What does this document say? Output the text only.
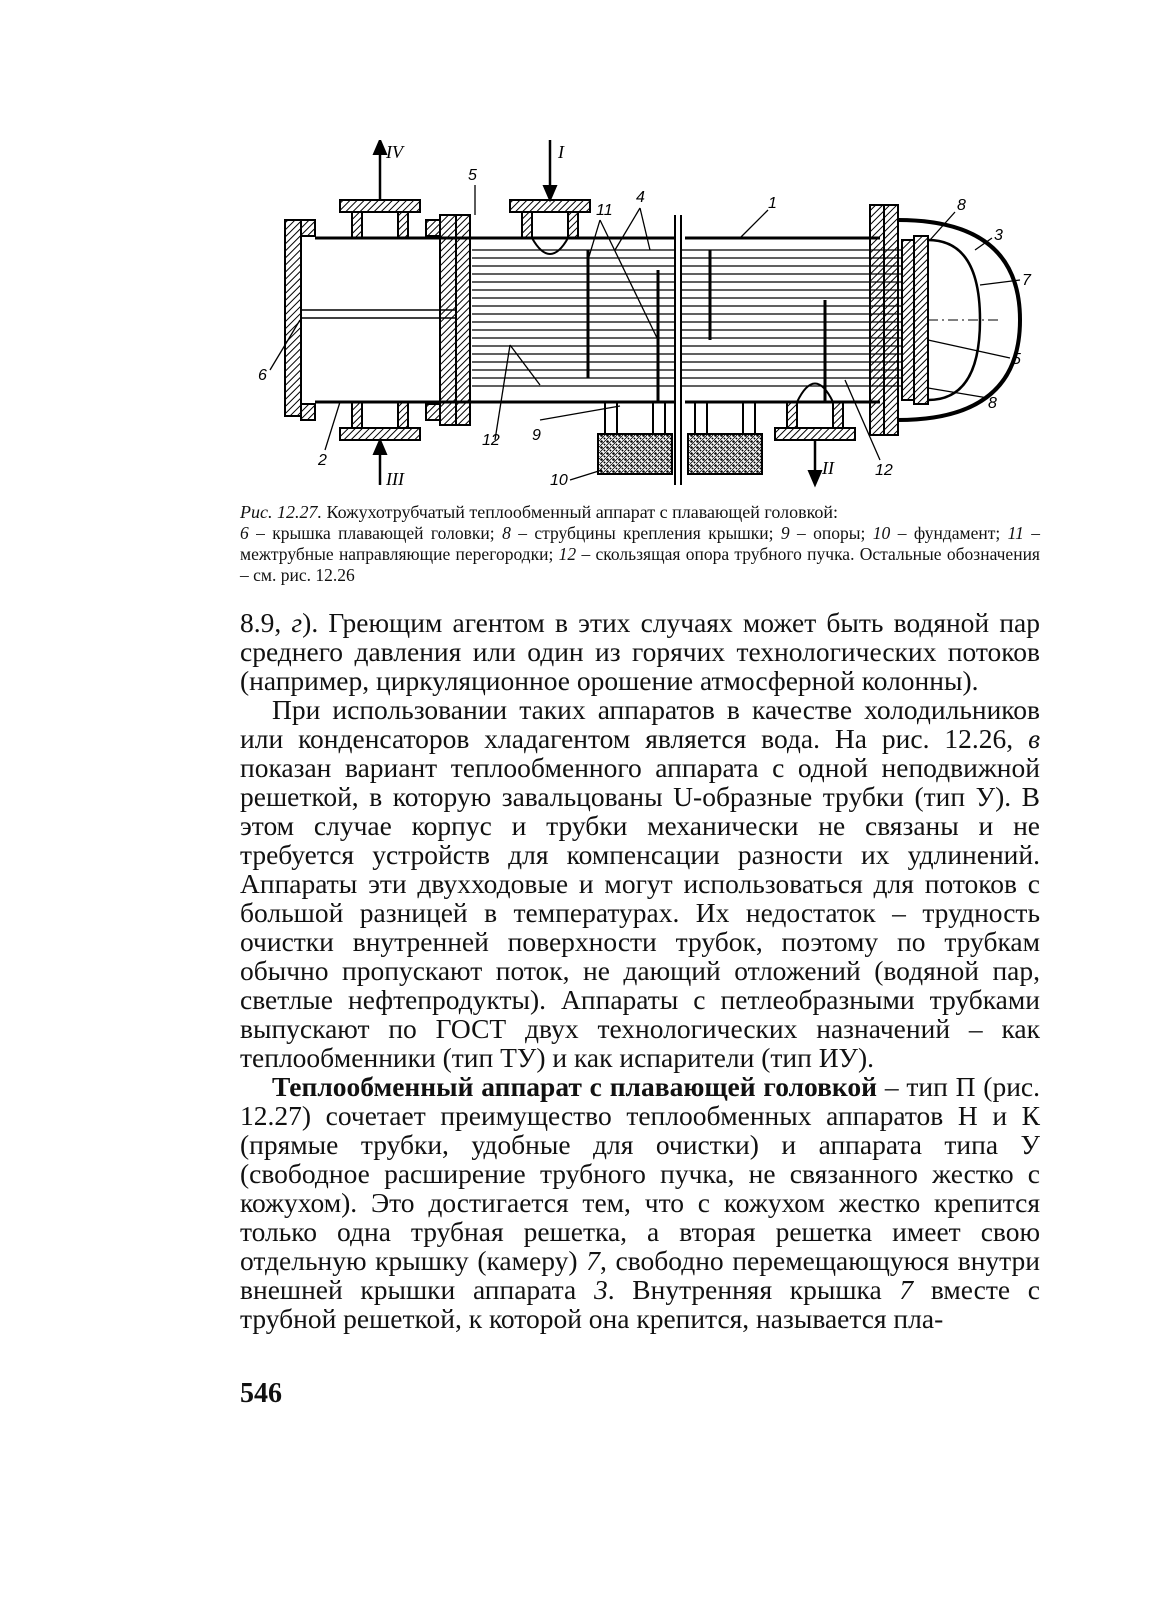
IV
5
I
11
4	1	8
3
7
5
8
6
2
III
12 9
10
II	12
Рис. 12.27. Кожухотрубчатый теплообменный аппарат с плавающей головкой:
6 – крышка плавающей головки; 8 – струбцины крепления крышки; 9 – опоры; 10 – фундамент; 11 – межтрубные направляющие перегородки; 12 – скользящая опора трубного пучка. Остальные обозначения – см. рис. 12.26

8.9, г). Греющим агентом в этих случаях может быть водяной пар среднего давления или один из горячих технологических потоков (например, циркуляционное орошение атмосферной колонны).

При использовании таких аппаратов в качестве холодильников или конденсаторов хладагентом является вода. На рис. 12.26, в показан вариант теплообменного аппарата с одной неподвижной решеткой, в которую завальцованы U-образные трубки (тип У). В этом случае корпус и трубки механически не связаны и не требуется устройств для компенсации разности их удлинений. Аппараты эти двухходовые и могут использоваться для потоков с большой разницей в температурах. Их недостаток – трудность очистки внутренней поверхности трубок, поэтому по трубкам обычно пропускают поток, не дающий отложений (водяной пар, светлые нефтепродукты). Аппараты с петлеобразными трубками выпускают по ГОСТ двух технологических назначений – как теплообменники (тип ТУ) и как испарители (тип ИУ).

Теплообменный аппарат с плавающей головкой – тип П (рис. 12.27) сочетает преимущество теплообменных аппаратов Н и К (прямые трубки, удобные для очистки) и аппарата типа У (свободное расширение трубного пучка, не связанного жестко с кожухом). Это достигается тем, что с кожухом жестко крепится только одна трубная решетка, а вторая решетка имеет свою отдельную крышку (камеру) 7, свободно перемещающуюся внутри внешней крышки аппарата 3. Внутренняя крышка 7 вместе с трубной решеткой, к которой она крепится, называется пла-

546
